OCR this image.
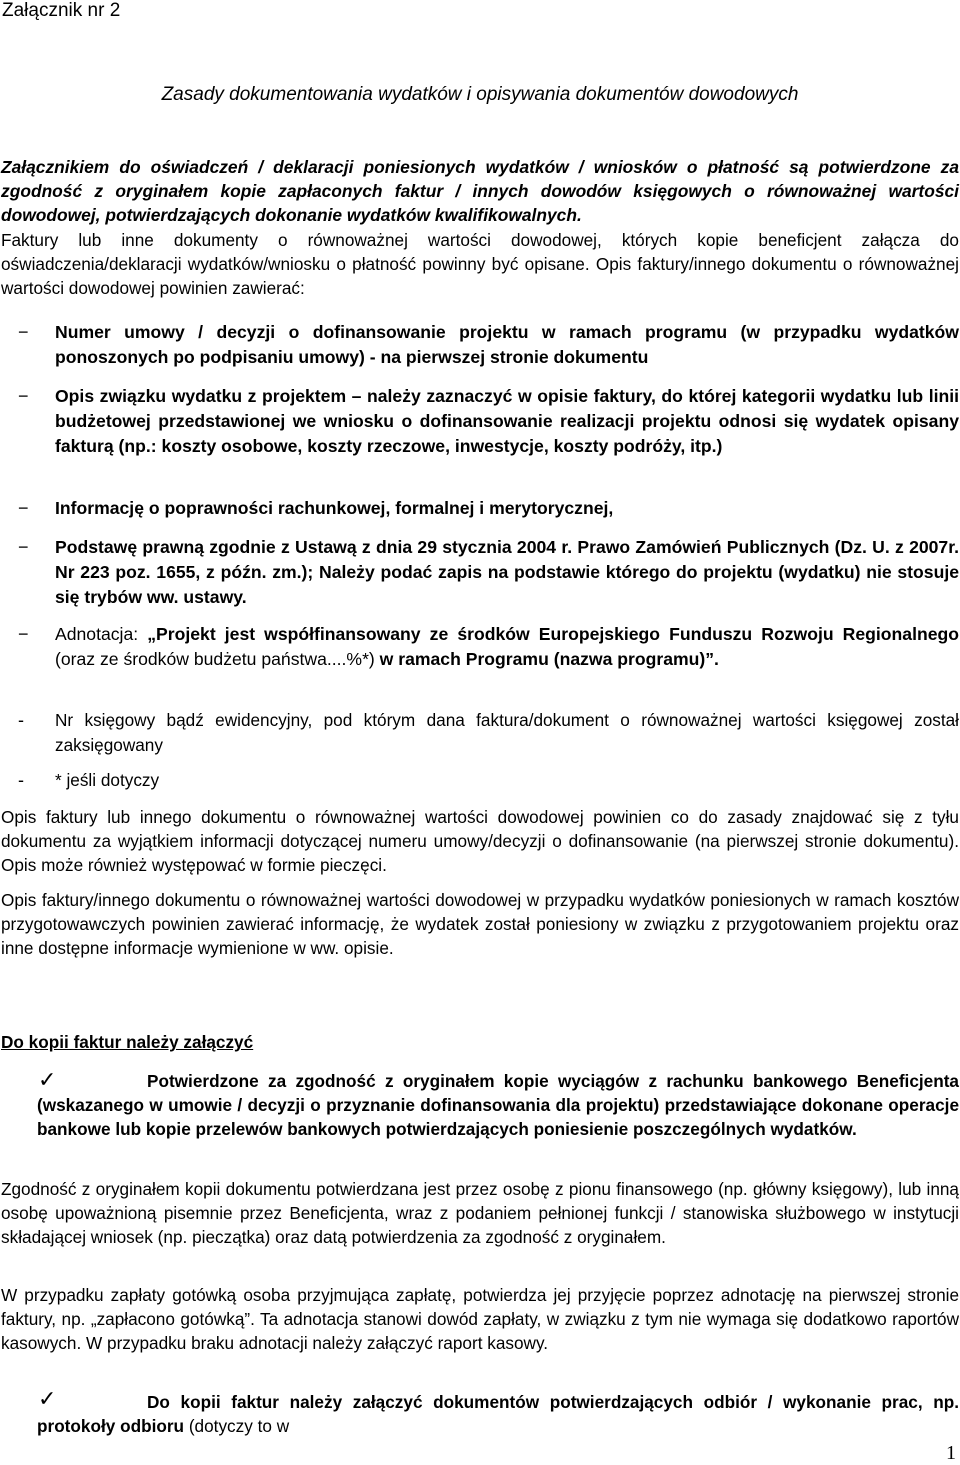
Załącznik nr 2
Zasady dokumentowania wydatków i opisywania dokumentów dowodowych

Załącznikiem do oświadczeń / deklaracji poniesionych wydatków / wniosków o płatność są potwierdzone za zgodność z oryginałem kopie zapłaconych faktur / innych dowodów księgowych o równoważnej wartości dowodowej, potwierdzających dokonanie wydatków kwalifikowalnych.

Faktury lub inne dokumenty o równoważnej wartości dowodowej, których kopie beneficjent załącza do oświadczenia/deklaracji wydatków/wniosku o płatność powinny być opisane. Opis faktury/innego dokumentu o równoważnej wartości dowodowej powinien zawierać:

− Numer umowy / decyzji o dofinansowanie projektu w ramach programu (w przypadku wydatków ponoszonych po podpisaniu umowy) - na pierwszej stronie dokumentu

− Opis związku wydatku z projektem – należy zaznaczyć w opisie faktury, do której kategorii wydatku lub linii budżetowej przedstawionej we wniosku o dofinansowanie realizacji projektu odnosi się wydatek opisany fakturą (np.: koszty osobowe, koszty rzeczowe, inwestycje, koszty podróży, itp.)

− Informację o poprawności rachunkowej, formalnej i merytorycznej,

− Podstawę prawną zgodnie z Ustawą z dnia 29 stycznia 2004 r. Prawo Zamówień Publicznych (Dz. U. z 2007r. Nr 223 poz. 1655, z późn. zm.); Należy podać zapis na podstawie którego do projektu (wydatku) nie stosuje się trybów ww. ustawy.

− Adnotacja: „Projekt jest współfinansowany ze środków Europejskiego Funduszu Rozwoju Regionalnego (oraz ze środków budżetu państwa....%*) w ramach Programu (nazwa programu)”.

- Nr księgowy bądź ewidencyjny, pod którym dana faktura/dokument o równoważnej wartości księgowej został zaksięgowany

- * jeśli dotyczy

Opis faktury lub innego dokumentu o równoważnej wartości dowodowej powinien co do zasady znajdować się z tyłu dokumentu za wyjątkiem informacji dotyczącej numeru umowy/decyzji o dofinansowanie (na pierwszej stronie dokumentu). Opis może również występować w formie pieczęci.

Opis faktury/innego dokumentu o równoważnej wartości dowodowej w przypadku wydatków poniesionych w ramach kosztów przygotowawczych powinien zawierać informację, że wydatek został poniesiony w związku z przygotowaniem projektu oraz inne dostępne informacje wymienione w ww. opisie.

Do kopii faktur należy załączyć
✓	Potwierdzone za zgodność z oryginałem kopie wyciągów z rachunku bankowego Beneficjenta (wskazanego w umowie / decyzji o przyznanie dofinansowania dla projektu) przedstawiające dokonane operacje bankowe lub kopie przelewów bankowych potwierdzających poniesienie poszczególnych wydatków.

Zgodność z oryginałem kopii dokumentu potwierdzana jest przez osobę z pionu finansowego (np. główny księgowy), lub inną osobę upoważnioną pisemnie przez Beneficjenta, wraz z podaniem pełnionej funkcji / stanowiska służbowego w instytucji składającej wniosek (np. pieczątka) oraz datą potwierdzenia za zgodność z oryginałem.

W przypadku zapłaty gotówką osoba przyjmująca zapłatę, potwierdza jej przyjęcie poprzez adnotację na pierwszej stronie faktury, np. „zapłacono gotówką”. Ta adnotacja stanowi dowód zapłaty, w związku z tym nie wymaga się dodatkowo raportów kasowych. W przypadku braku adnotacji należy załączyć raport kasowy.

✓	Do kopii faktur należy załączyć dokumentów potwierdzających odbiór / wykonanie prac, np. protokoły odbioru (dotyczy to w

1
